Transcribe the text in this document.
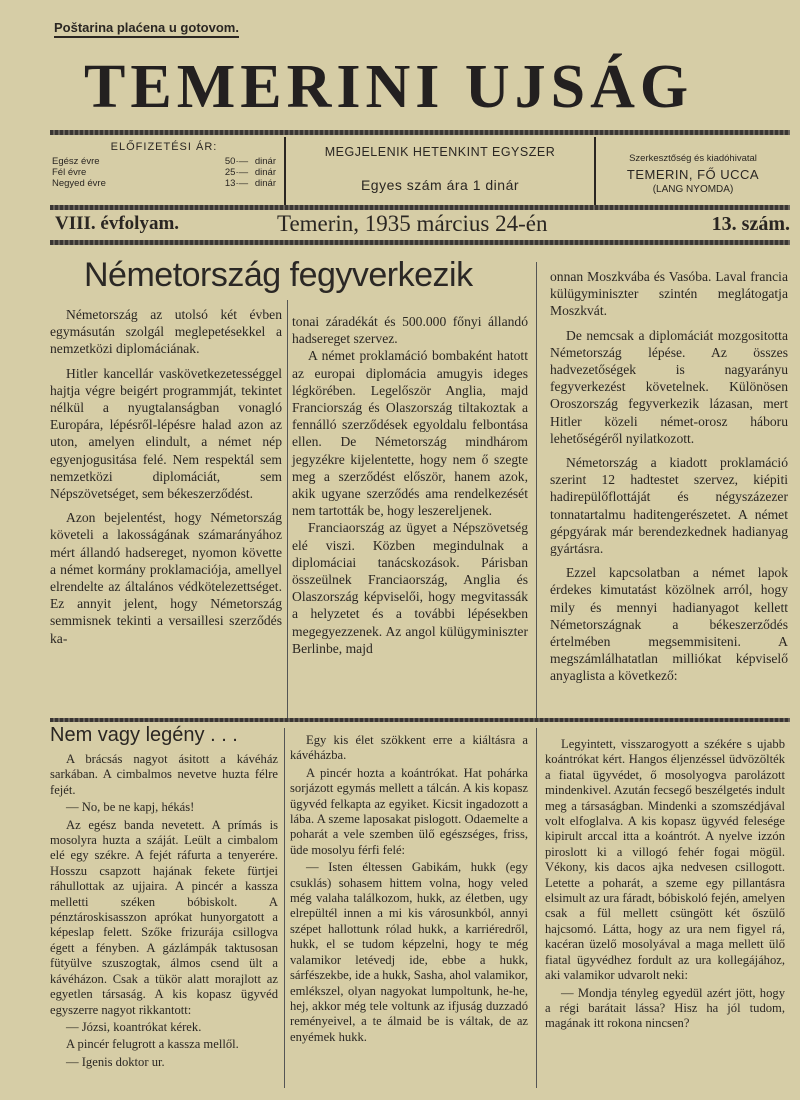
Poštarina plaćena u gotovom.
TEMERINI UJSÁG
ELŐFIZETÉSI ÁR:
Egész évre	50·— dinár
Fél évre	25·— dinár
Negyed évre	13·— dinár
MEGJELENIK HETENKINT EGYSZER
Egyes szám ára 1 dinár
Szerkesztőség és kiadóhivatal
TEMERIN, FŐ UCCA
(LANG NYOMDA)
VIII. évfolyam.	Temerin, 1935 március 24-én	13. szám.
Németország fegyverkezik

Németország az utolsó két évben egymásután szolgál meglepetésekkel a nemzetközi diplomáciának.

Hitler kancellár vaskövetkezetességgel hajtja végre beigért programmját, tekintet nélkül a nyugtalanságban vonagló Europára, lépésről-lépésre halad azon az uton, amelyen elindult, a német nép egyenjogusitása felé. Nem respektál sem nemzetközi diplomáciát, sem Népszövetséget, sem békeszerződést.

Azon bejelentést, hogy Németország követeli a lakosságának számarányához mért állandó hadsereget, nyomon követte a német kormány proklamaciója, amellyel elrendelte az általános védkötelezettséget. Ez annyit jelent, hogy Németország semmisnek tekinti a versaillesi szerződés ka-

tonai záradékát és 500.000 főnyi állandó hadsereget szervez.

A német proklamáció bombaként hatott az europai diplomácia amugyis ideges légkörében. Legelőször Anglia, majd Franciország és Olaszország tiltakoztak a fennálló szerződések egyoldalu felbontása ellen. De Németország mindhárom jegyzékre kijelentette, hogy nem ő szegte meg a szerződést először, hanem azok, akik ugyane szerződés ama rendelkezését nem tartották be, hogy leszereljenek.

Franciaország az ügyet a Népszövetség elé viszi. Közben megindulnak a diplomáciai tanácskozások. Párisban összeülnek Franciaország, Anglia és Olaszország képviselői, hogy megvitassák a helyzetet és a további lépésekben megegyezzenek. Az angol külügyminiszter Berlinbe, majd

onnan Moszkvába és Vasóba. Laval francia külügyminiszter szintén meglátogatja Moszkvát.

De nemcsak a diplomáciát mozgositotta Németország lépése. Az összes hadvezetőségek is nagyarányu fegyverkezést követelnek. Különösen Oroszország fegyverkezik lázasan, mert Hitler közeli német-orosz háboru lehetőségéről nyilatkozott.

Németország a kiadott proklamáció szerint 12 hadtestet szervez, kiépiti hadirepülőflottáját és négyszázezer tonnatartalmu haditengerészetet. A német gépgyárak már berendezkednek hadianyag gyártásra.

Ezzel kapcsolatban a német lapok érdekes kimutatást közölnek arról, hogy mily és mennyi hadianyagot kellett Németországnak a békeszerződés értelmében megsemmisiteni. A megszámlálhatatlan milliókat képviselő anyaglista a következő:

Nem vagy legény . . .

A brácsás nagyot ásitott a kávéház sarkában. A cimbalmos nevetve huzta félre fejét.

— No, be ne kapj, hékás!

Az egész banda nevetett. A prímás is mosolyra huzta a száját. Leült a cimbalom elé egy székre. A fejét ráfurta a tenyerére. Hosszu csapzott hajának fekete fürtjei ráhullottak az ujjaira. A pincér a kassza melletti széken bóbiskolt. A pénztároskisasszon aprókat hunyorgatott a képeslap felett. Szőke frizurája csillogva égett a fényben. A gázlámpák taktusosan fütyülve szuszogtak, álmos csend ült a kávéházon. Csak a tükör alatt morajlott az egyetlen társaság. A kis kopasz ügyvéd egyszerre nagyot rikkantott:

— Józsi, koantrókat kérek.

A pincér felugrott a kassza mellől.

— Igenis doktor ur.

Egy kis élet szökkent erre a kiáltásra a kávéházba.

A pincér hozta a koántrókat. Hat pohárka sorjázott egymás mellett a tálcán. A kis kopasz ügyvéd felkapta az egyiket. Kicsit ingadozott a lába. A szeme laposakat pislogott. Odaemelte a poharát a vele szemben ülő egészséges, friss, üde mosolyu férfi felé:

— Isten éltessen Gabikám, hukk (egy csuklás) sohasem hittem volna, hogy veled még valaha találkozom, hukk, az életben, ugy elrepültél innen a mi kis városunkból, annyi szépet hallottunk rólad hukk, a karriéredről, hukk, el se tudom képzelni, hogy te még valamikor letévedj ide, ebbe a hukk, sárfészekbe, ide a hukk, Sasha, ahol valamikor, emlékszel, olyan nagyokat lumpoltunk, he-he, hej, akkor még tele voltunk az ifjuság duzzadó reményeivel, a te álmaid be is váltak, de az enyémek hukk.

Legyintett, visszarogyott a székére s ujabb koántrókat kért. Hangos éljenzéssel üdvözölték a fiatal ügyvédet, ő mosolyogva parolázott mindenkivel. Azután fecsegő beszélgetés indult meg a társaságban. Mindenki a szomszédjával volt elfoglalva. A kis kopasz ügyvéd felesége kipirult arccal itta a koántrót. A nyelve izzón piroslott ki a villogó fehér fogai mögül. Vékony, kis dacos ajka nedvesen csillogott. Letette a poharát, a szeme egy pillantásra elsimult az ura fáradt, bóbiskoló fején, amelyen csak a fül mellett csüngött két őszülő hajcsomó. Látta, hogy az ura nem figyel rá, kacéran üzelő mosolyával a maga mellett ülő fiatal ügyvédhez fordult az ura kollegájához, aki valamikor udvarolt neki:

— Mondja tényleg egyedül azért jött, hogy a régi barátait lássa? Hisz ha jól tudom, magának itt rokona nincsen?
